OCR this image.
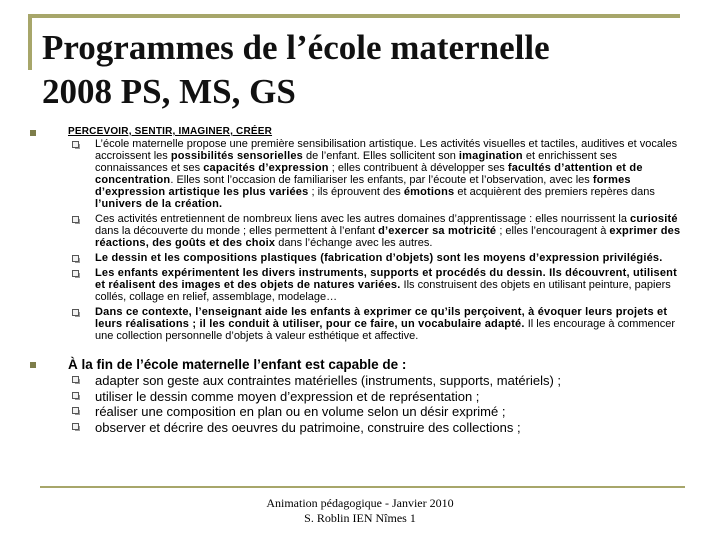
Programmes de l’école maternelle
2008 PS, MS, GS
PERCEVOIR, SENTIR, IMAGINER, CRÉER
L’école maternelle propose une première sensibilisation artistique. Les activités visuelles et tactiles, auditives et vocales accroissent les possibilités sensorielles de l’enfant. Elles sollicitent son imagination et enrichissent ses connaissances et ses capacités d’expression ; elles contribuent à développer ses facultés d’attention et de concentration. Elles sont l’occasion de familiariser les enfants, par l’écoute et l’observation, avec les formes d’expression artistique les plus variées ; ils éprouvent des émotions et acquièrent des premiers repères dans l’univers de la création.
Ces activités entretiennent de nombreux liens avec les autres domaines d’apprentissage : elles nourrissent la curiosité dans la découverte du monde ; elles permettent à l’enfant d’exercer sa motricité ; elles l’encouragent à exprimer des réactions, des goûts et des choix dans l’échange avec les autres.
Le dessin et les compositions plastiques (fabrication d’objets) sont les moyens d’expression privilégiés.
Les enfants expérimentent les divers instruments, supports et procédés du dessin. Ils découvrent, utilisent et réalisent des images et des objets de natures variées. Ils construisent des objets en utilisant peinture, papiers collés, collage en relief, assemblage, modelage…
Dans ce contexte, l’enseignant aide les enfants à exprimer ce qu’ils perçoivent, à évoquer leurs projets et leurs réalisations ; il les conduit à utiliser, pour ce faire, un vocabulaire adapté. Il les encourage à commencer une collection personnelle d’objets à valeur esthétique et affective.
À la fin de l’école maternelle l’enfant est capable de :
adapter son geste aux contraintes matérielles (instruments, supports, matériels) ;
utiliser le dessin comme moyen d’expression et de représentation ;
réaliser une composition en plan ou en volume selon un désir exprimé ;
observer et décrire des oeuvres du patrimoine, construire des collections ;
Animation pédagogique - Janvier 2010
S. Roblin IEN Nîmes 1
